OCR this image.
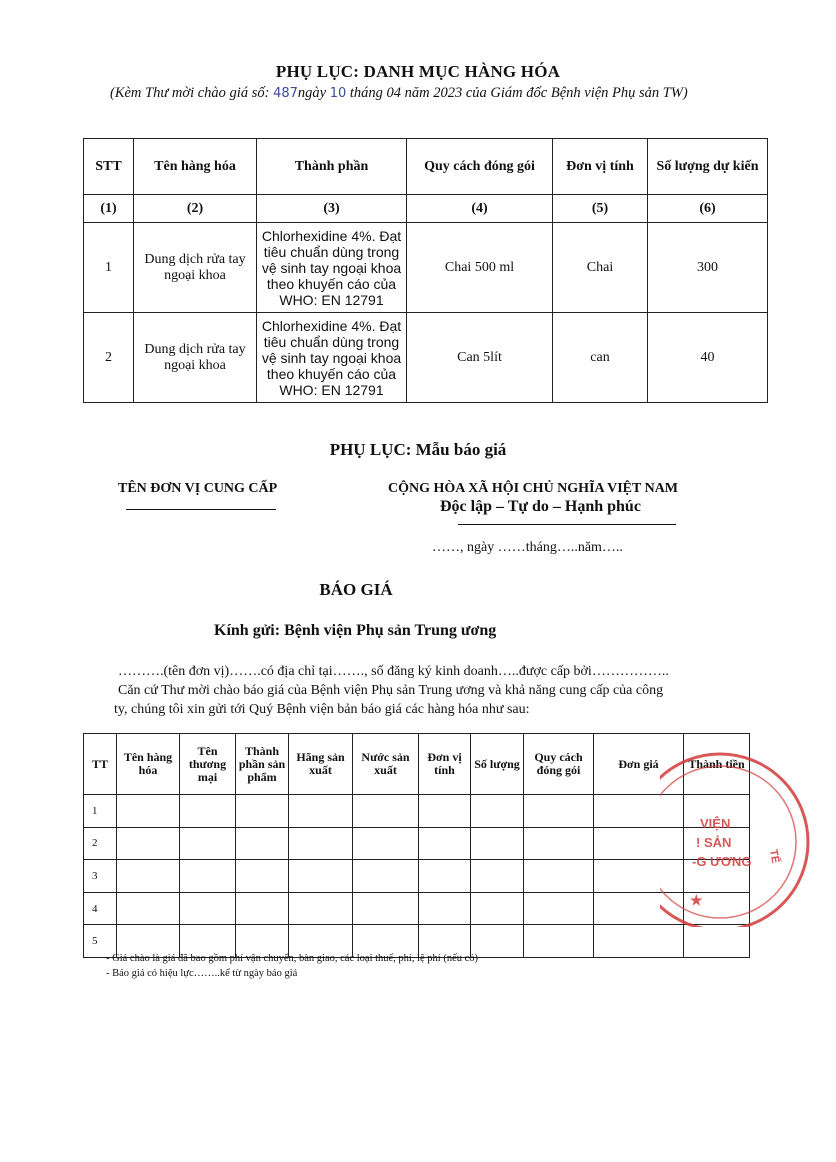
PHỤ LỤC: DANH MỤC HÀNG HÓA
(Kèm Thư mời chào giá số: 487ngày 10 tháng 04 năm 2023 của Giám đốc Bệnh viện Phụ sản TW)
STT	Tên hàng hóa	Thành phần	Quy cách đóng gói	Đơn vị tính	Số lượng dự kiến
(1)	(2)	(3)	(4)	(5)	(6)
1	Dung dịch rửa tay ngoại khoa	Chlorhexidine 4%. Đạt tiêu chuẩn dùng trong vệ sinh tay ngoại khoa theo khuyến cáo của WHO: EN 12791	Chai 500 ml	Chai	300
2	Dung dịch rửa tay ngoại khoa	Chlorhexidine 4%. Đạt tiêu chuẩn dùng trong vệ sinh tay ngoại khoa theo khuyến cáo của WHO: EN 12791	Can 5lít	can	40
PHỤ LỤC: Mẫu báo giá
TÊN ĐƠN VỊ CUNG CẤP	CỘNG HÒA XÃ HỘI CHỦ NGHĨA VIỆT NAM
Độc lập – Tự do – Hạnh phúc
……, ngày ……tháng…..năm…..
BÁO GIÁ
Kính gửi: Bệnh viện Phụ sản Trung ương
……….(tên đơn vị)…….có địa chỉ tại……., số đăng ký kinh doanh…..được cấp bởi……………..
Căn cứ Thư mời chào báo giá của Bệnh viện Phụ sản Trung ương và khả năng cung cấp của công
ty, chúng tôi xin gửi tới Quý Bệnh viện bản báo giá các hàng hóa như sau:
TT	Tên hàng hóa	Tên thương mại	Thành phần sản phẩm	Hãng sản xuất	Nước sản xuất	Đơn vị tính	Số lượng	Quy cách đóng gói	Đơn giá	Thành tiền
1										
2										
3										
4										
5										
- Giá chào là giá đã bao gồm phí vận chuyển, bàn giao, các loại thuế, phí, lệ phí (nếu có)
- Báo giá có hiệu lực……..kể từ ngày báo giá
VIỆN
! SẢN
-G ƯƠNG TẾ
★
